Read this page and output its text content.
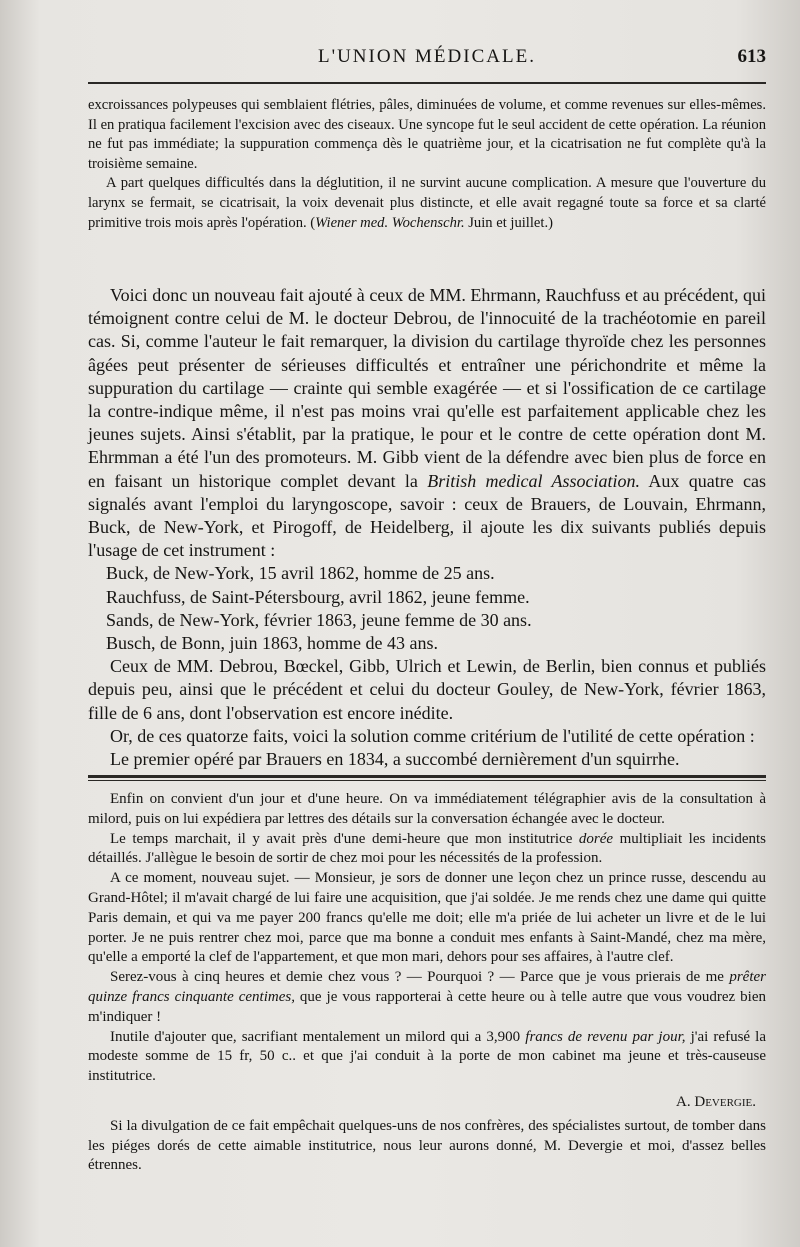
L'UNION MÉDICALE.	613

excroissances polypeuses qui semblaient flétries, pâles, diminuées de volume, et comme revenues sur elles-mêmes. Il en pratiqua facilement l'excision avec des ciseaux. Une syncope fut le seul accident de cette opération. La réunion ne fut pas immédiate; la suppuration commença dès le quatrième jour, et la cicatrisation ne fut complète qu'à la troisième semaine.

A part quelques difficultés dans la déglutition, il ne survint aucune complication. A mesure que l'ouverture du larynx se fermait, se cicatrisait, la voix devenait plus distincte, et elle avait regagné toute sa force et sa clarté primitive trois mois après l'opération. (Wiener med. Wochenschr. Juin et juillet.)

Voici donc un nouveau fait ajouté à ceux de MM. Ehrmann, Rauchfuss et au précédent, qui témoignent contre celui de M. le docteur Debrou, de l'innocuité de la trachéotomie en pareil cas. Si, comme l'auteur le fait remarquer, la division du cartilage thyroïde chez les personnes âgées peut présenter de sérieuses difficultés et entraîner une périchondrite et même la suppuration du cartilage — crainte qui semble exagérée — et si l'ossification de ce cartilage la contre-indique même, il n'est pas moins vrai qu'elle est parfaitement applicable chez les jeunes sujets. Ainsi s'établit, par la pratique, le pour et le contre de cette opération dont M. Ehrmman a été l'un des promoteurs. M. Gibb vient de la défendre avec bien plus de force en en faisant un historique complet devant la British medical Association. Aux quatre cas signalés avant l'emploi du laryngoscope, savoir : ceux de Brauers, de Louvain, Ehrmann, Buck, de New-York, et Pirogoff, de Heidelberg, il ajoute les dix suivants publiés depuis l'usage de cet instrument :

Buck, de New-York, 15 avril 1862, homme de 25 ans.

Rauchfuss, de Saint-Pétersbourg, avril 1862, jeune femme.

Sands, de New-York, février 1863, jeune femme de 30 ans.

Busch, de Bonn, juin 1863, homme de 43 ans.

Ceux de MM. Debrou, Bœckel, Gibb, Ulrich et Lewin, de Berlin, bien connus et publiés depuis peu, ainsi que le précédent et celui du docteur Gouley, de New-York, février 1863, fille de 6 ans, dont l'observation est encore inédite.

Or, de ces quatorze faits, voici la solution comme critérium de l'utilité de cette opération :

Le premier opéré par Brauers en 1834, a succombé dernièrement d'un squirrhe.

Enfin on convient d'un jour et d'une heure. On va immédiatement télégraphier avis de la consultation à milord, puis on lui expédiera par lettres des détails sur la conversation échangée avec le docteur.

Le temps marchait, il y avait près d'une demi-heure que mon institutrice dorée multipliait les incidents détaillés. J'allègue le besoin de sortir de chez moi pour les nécessités de la profession.

A ce moment, nouveau sujet. — Monsieur, je sors de donner une leçon chez un prince russe, descendu au Grand-Hôtel; il m'avait chargé de lui faire une acquisition, que j'ai soldée. Je me rends chez une dame qui quitte Paris demain, et qui va me payer 200 francs qu'elle me doit; elle m'a priée de lui acheter un livre et de le lui porter. Je ne puis rentrer chez moi, parce que ma bonne a conduit mes enfants à Saint-Mandé, chez ma mère, qu'elle a emporté la clef de l'appartement, et que mon mari, dehors pour ses affaires, à l'autre clef.

Serez-vous à cinq heures et demie chez vous ? — Pourquoi ? — Parce que je vous prierais de me prêter quinze francs cinquante centimes, que je vous rapporterai à cette heure ou à telle autre que vous voudrez bien m'indiquer !

Inutile d'ajouter que, sacrifiant mentalement un milord qui a 3,900 francs de revenu par jour, j'ai refusé la modeste somme de 15 fr, 50 c.. et que j'ai conduit à la porte de mon cabinet ma jeune et très-causeuse institutrice.

A. Devergie.

Si la divulgation de ce fait empêchait quelques-uns de nos confrères, des spécialistes surtout, de tomber dans les piéges dorés de cette aimable institutrice, nous leur aurons donné, M. Devergie et moi, d'assez belles étrennes.
